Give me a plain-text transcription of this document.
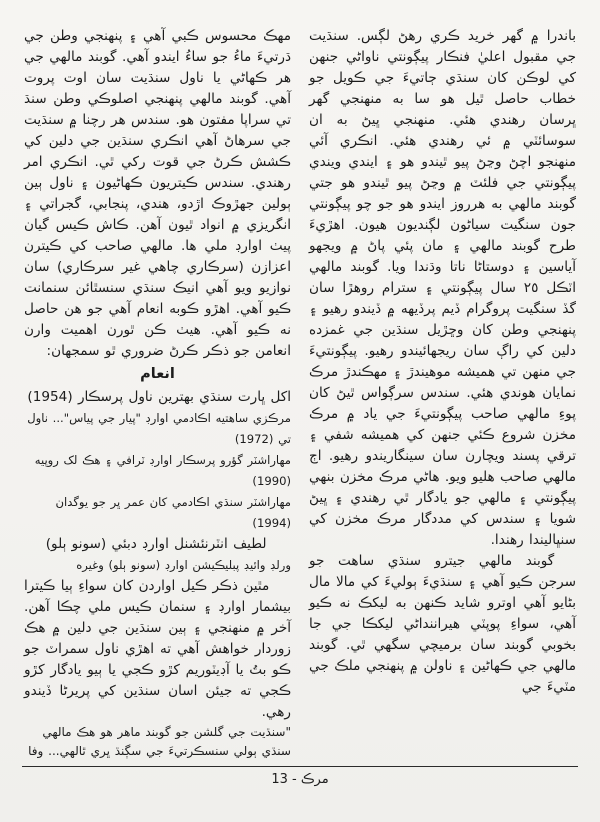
باندرا ۾ گهر خريد ڪري رهڻ لڳس. سنڌيت جي مقبول اعليٰ فنڪار پيڳونتي ناواڻي جنهن کي لوڪن کان سنڌي ڄاتيءَ جي ڪويل جو خطاب حاصل ٿيل هو سا به منهنجي گهر ڀرسان رهندي هئي. منهنجي ڀيڻ به ان سوسائٽي ۾ ئي رهندي هئي. انڪري آئي منهنجو اچڻ وڃڻ پيو ٿيندو هو ۽ ايندي ويندي پيڳونتي جي فلئٽ ۾ وڃڻ پيو ٿيندو هو جتي گوبند مالهي به هرروز ايندو هو جو چو پيڳونتي جون سنگيت سياڻون لڳنديون هيون. اهڙيءَ طرح گوبند مالهي ۽ مان پئي پاڻ ۾ ويجهو آياسين ۽ دوستاڻا ناتا وڌندا ويا. گوبند مالهي اٽڪل ٢٥ سال پيڳونتي ۽ سترام روهڙا سان گڏ سنگيت پروگرام ڏيم پرڏيهه ۾ ڏيندو رهيو ۽ پنهنجي وطن کان وڇڙيل سنڌين جي غمزده دلين کي راڳ سان ريجهائيندو رهيو. پيڳونتيءَ جي منهن تي هميشه موهيندڙ ۽ مهڪندڙ مرڪ نمايان هوندي هئي. سندس سرڳواس ٿيڻ کان پوءِ مالهي صاحب پيڳونتيءَ جي ياد ۾ مرڪ مخزن شروع ڪئي جنهن کي هميشه شفي ۽ ترقي پسند ويچارن سان سينگاريندو رهيو. اڄ مالهي صاحب هليو ويو. هاڻي مرڪ مخزن بنهي پيڳونتي ۽ مالهي جو يادگار ٿي رهندي ۽ ڀيڻ شويا ۽ سندس کي مددگار مرڪ مخزن کي سنڀاليندا رهندا.
گوبند مالهي جيترو سنڌي ساهت جو سرجن ڪيو آهي ۽ سنڌيءَ ٻوليءَ کي مالا مال بڻايو آهي اوترو شايد ڪنهن به ليکڪ نه ڪيو آهي، سواءِ پوپٽي هيراننداڻي ليکڪا جي جا بخوبي گوبند سان برميچي سگهي ٿي. گوبند مالهي جي ڪهاڻين ۽ ناولن ۾ پنهنجي ملڪ جي مٽيءَ جي
مهڪ محسوس ڪبي آهي ۽ پنهنجي وطن جي ڌرتيءَ ماءُ جو ساءُ ايندو آهي. گوبند مالهي جي هر ڪهاڻي يا ناول سنڌيت سان اوت پروت آهي. گوبند مالهي پنهنجي اصلوڪي وطن سنڌ تي سراپا مفتون هو. سندس هر رچنا ۾ سنڌيت جي سرهاڻ آهي انڪري سنڌين جي دلين کي ڪشش ڪرڻ جي قوت رکي ٿي. انڪري امر رهندي. سندس ڪيتريون ڪهاڻيون ۽ ناول ٻين ٻولين جهڙوڪ اڙدو، هندي، پنجابي، گجراتي ۽ انگريزي ۾ انواد ٿيون آهن. ڪاش ڪيس گيان پيٺ اوارڊ ملي ها. مالهي صاحب کي ڪيترن اعزازن (سرڪاري چاهي غير سرڪاري) سان نوازيو ويو آهي انيڪ سنڌي سنسٿائن سنمانت ڪيو آهي. اهڙو ڪوبه انعام آهي جو هن حاصل نه ڪيو آهي. هيٺ ڪن ٿورن اهميت وارن انعامن جو ذڪر ڪرڻ ضروري ٿو سمجهان:
انعام
اکل ڀارت سنڌي بهترين ناول پرسڪار (1954)
مرڪزي ساهتيه اڪادمي اوارڊ "پيار جي پياس"... ناول تي (1972)
مهاراشٽر گؤرو پرسڪار اوارڊ ٽرافي ۽ هڪ لک روپيه (1990)
مهاراشٽر سنڌي اڪادمي کان عمر ڀر جو يوگدان (1994)
لطيف انٽرنئشنل اوارڊ دبئي (سونو ٻلو)
ورلڊ وائيڊ پبليڪيشن اوارڊ (سونو ٻلو) وغيره
مٿين ذڪر ڪيل اواردن کان سواءِ ٻيا ڪيترا بيشمار اوارڊ ۽ سنمان ڪيس ملي چڪا آهن. آخر ۾ منهنجي ۽ ٻين سنڌين جي دلين ۾ هڪ زوردار خواهش آهي ته اهڙي ناول سمراٽ جو ڪو بتُ يا آڊيٽوريم کڙو ڪجي يا ٻيو يادگار کڙو ڪجي ته جيئن اسان سنڌين کي پريرڻا ڏيندو رهي.
"سنڌيت جي گلشن جو گوبند ماهر هو هڪ مالهي
سنڌي ٻولي سنسڪرتيءَ جي سڳنڌ ڀري ٿالهي... وفا
مرڪ - 13
